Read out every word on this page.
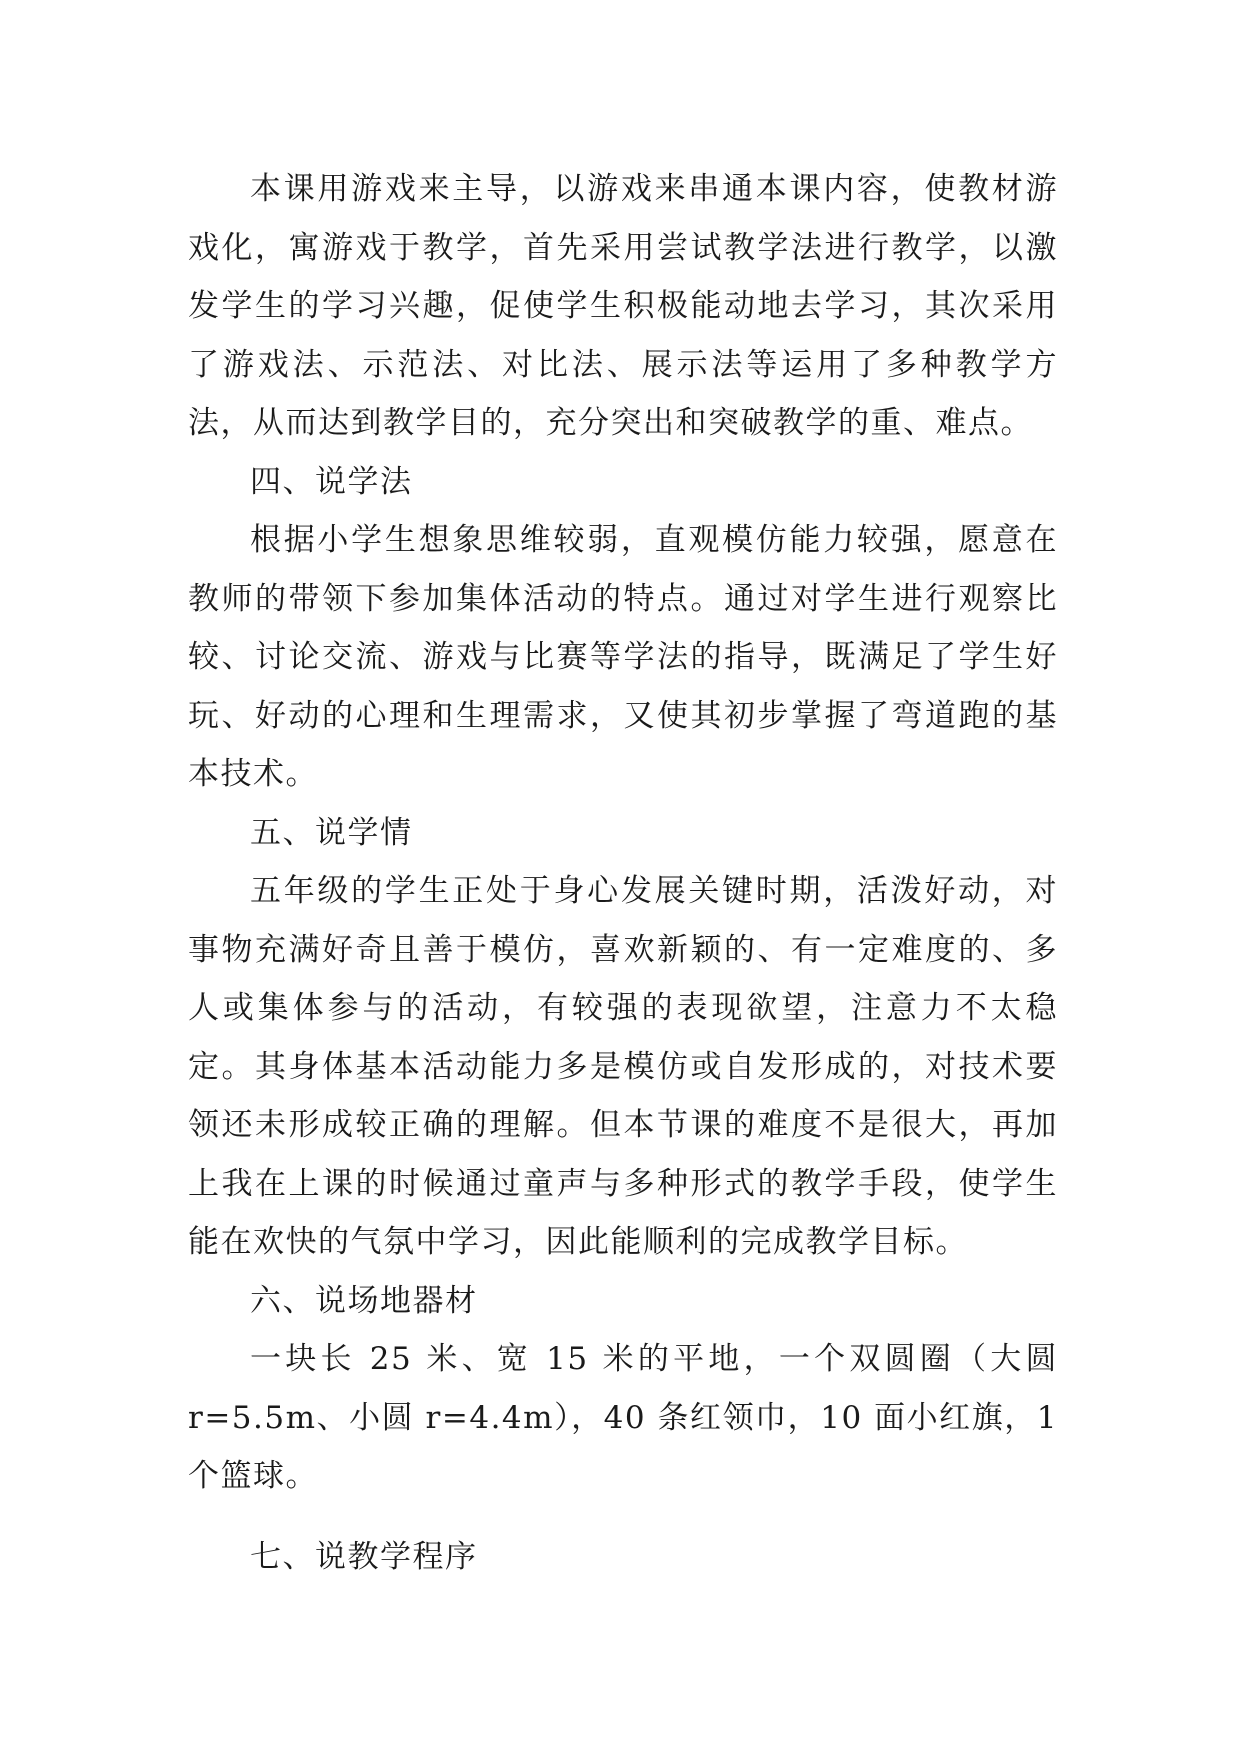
本课用游戏来主导，以游戏来串通本课内容，使教材游戏化，寓游戏于教学，首先采用尝试教学法进行教学，以激发学生的学习兴趣，促使学生积极能动地去学习，其次采用了游戏法、示范法、对比法、展示法等运用了多种教学方法，从而达到教学目的，充分突出和突破教学的重、难点。

四、说学法

根据小学生想象思维较弱，直观模仿能力较强，愿意在教师的带领下参加集体活动的特点。通过对学生进行观察比较、讨论交流、游戏与比赛等学法的指导，既满足了学生好玩、好动的心理和生理需求，又使其初步掌握了弯道跑的基本技术。

五、说学情

五年级的学生正处于身心发展关键时期，活泼好动，对事物充满好奇且善于模仿，喜欢新颖的、有一定难度的、多人或集体参与的活动，有较强的表现欲望，注意力不太稳定。其身体基本活动能力多是模仿或自发形成的，对技术要领还未形成较正确的理解。但本节课的难度不是很大，再加上我在上课的时候通过童声与多种形式的教学手段，使学生能在欢快的气氛中学习，因此能顺利的完成教学目标。

六、说场地器材

一块长 25 米、宽 15 米的平地，一个双圆圈（大圆 r=5.5m、小圆 r=4.4m），40 条红领巾，10 面小红旗，1 个篮球。

七、说教学程序
